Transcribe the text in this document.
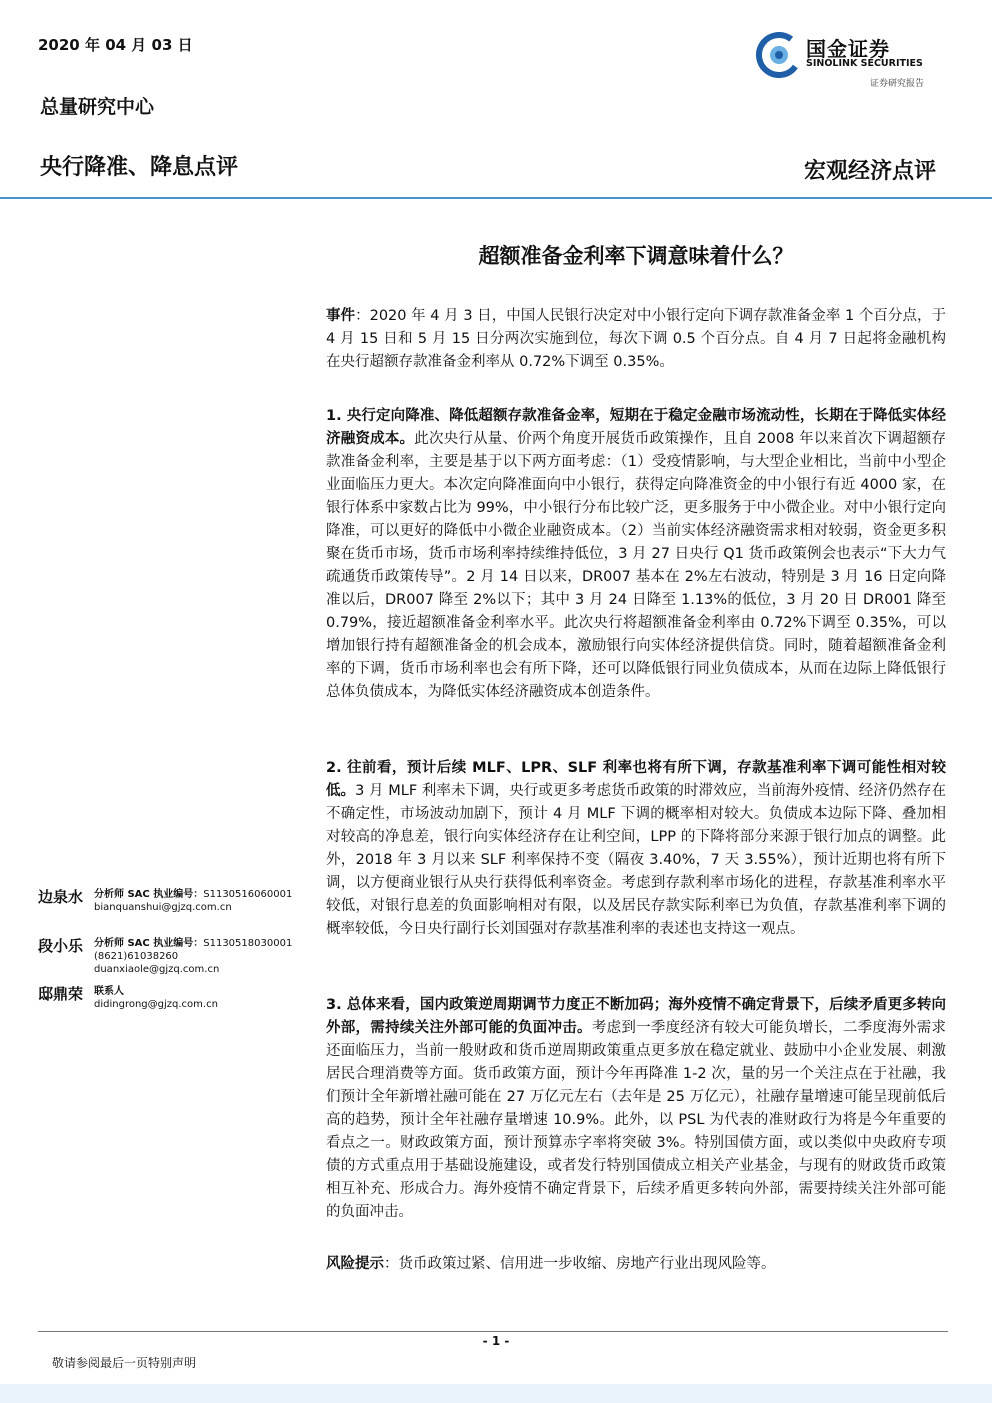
2020 年 04 月 03 日	国金证券
SINOLINK SECURITIES
证券研究报告
总量研究中心
央行降准、降息点评	宏观经济点评
超额准备金利率下调意味着什么？
事件：2020 年 4 月 3 日，中国人民银行决定对中小银行定向下调存款准备金率 1 个百分点，于 4 月 15 日和 5 月 15 日分两次实施到位，每次下调 0.5 个百分点。自 4 月 7 日起将金融机构在央行超额存款准备金利率从 0.72%下调至 0.35%。
1. 央行定向降准、降低超额存款准备金率，短期在于稳定金融市场流动性，长期在于降低实体经济融资成本。此次央行从量、价两个角度开展货币政策操作，且自 2008 年以来首次下调超额存款准备金利率，主要是基于以下两方面考虑：（1）受疫情影响，与大型企业相比，当前中小型企业面临压力更大。本次定向降准面向中小银行，获得定向降准资金的中小银行有近 4000 家，在银行体系中家数占比为 99%，中小银行分布比较广泛，更多服务于中小微企业。对中小银行定向降准，可以更好的降低中小微企业融资成本。（2）当前实体经济融资需求相对较弱，资金更多积聚在货币市场，货币市场利率持续维持低位，3 月 27 日央行 Q1 货币政策例会也表示“下大力气疏通货币政策传导”。2 月 14 日以来，DR007 基本在 2%左右波动，特别是 3 月 16 日定向降准以后，DR007 降至 2%以下；其中 3 月 24 日降至 1.13%的低位，3 月 20 日 DR001 降至 0.79%，接近超额准备金利率水平。此次央行将超额准备金利率由 0.72%下调至 0.35%，可以增加银行持有超额准备金的机会成本，激励银行向实体经济提供信贷。同时，随着超额准备金利率的下调，货币市场利率也会有所下降，还可以降低银行同业负债成本，从而在边际上降低银行总体负债成本，为降低实体经济融资成本创造条件。
2. 往前看，预计后续 MLF、LPR、SLF 利率也将有所下调，存款基准利率下调可能性相对较低。3 月 MLF 利率未下调，央行或更多考虑货币政策的时滞效应，当前海外疫情、经济仍然存在不确定性，市场波动加剧下，预计 4 月 MLF 下调的概率相对较大。负债成本边际下降、叠加相对较高的净息差，银行向实体经济存在让利空间，LPP 的下降将部分来源于银行加点的调整。此外，2018 年 3 月以来 SLF 利率保持不变（隔夜 3.40%，7 天 3.55%），预计近期也将有所下调，以方便商业银行从央行获得低利率资金。考虑到存款利率市场化的进程，存款基准利率水平较低，对银行息差的负面影响相对有限，以及居民存款实际利率已为负值，存款基准利率下调的概率较低，今日央行副行长刘国强对存款基准利率的表述也支持这一观点。
3. 总体来看，国内政策逆周期调节力度正不断加码；海外疫情不确定背景下，后续矛盾更多转向外部，需持续关注外部可能的负面冲击。考虑到一季度经济有较大可能负增长，二季度海外需求还面临压力，当前一般财政和货币逆周期政策重点更多放在稳定就业、鼓励中小企业发展、刺激居民合理消费等方面。货币政策方面，预计今年再降准 1-2 次，量的另一个关注点在于社融，我们预计全年新增社融可能在 27 万亿元左右（去年是 25 万亿元），社融存量增速可能呈现前低后高的趋势，预计全年社融存量增速 10.9%。此外，以 PSL 为代表的准财政行为将是今年重要的看点之一。财政政策方面，预计预算赤字率将突破 3%。特别国债方面，或以类似中央政府专项债的方式重点用于基础设施建设，或者发行特别国债成立相关产业基金，与现有的财政货币政策相互补充、形成合力。海外疫情不确定背景下，后续矛盾更多转向外部，需要持续关注外部可能的负面冲击。
风险提示：货币政策过紧、信用进一步收缩、房地产行业出现风险等。
边泉水 分析师 SAC 执业编号：S1130516060001
bianquanshui@gjzq.com.cn
段小乐 分析师 SAC 执业编号：S1130518030001
(8621)61038260
duanxiaole@gjzq.com.cn
邸鼎荣 联系人
didingrong@gjzq.com.cn
- 1 -
敬请参阅最后一页特别声明
